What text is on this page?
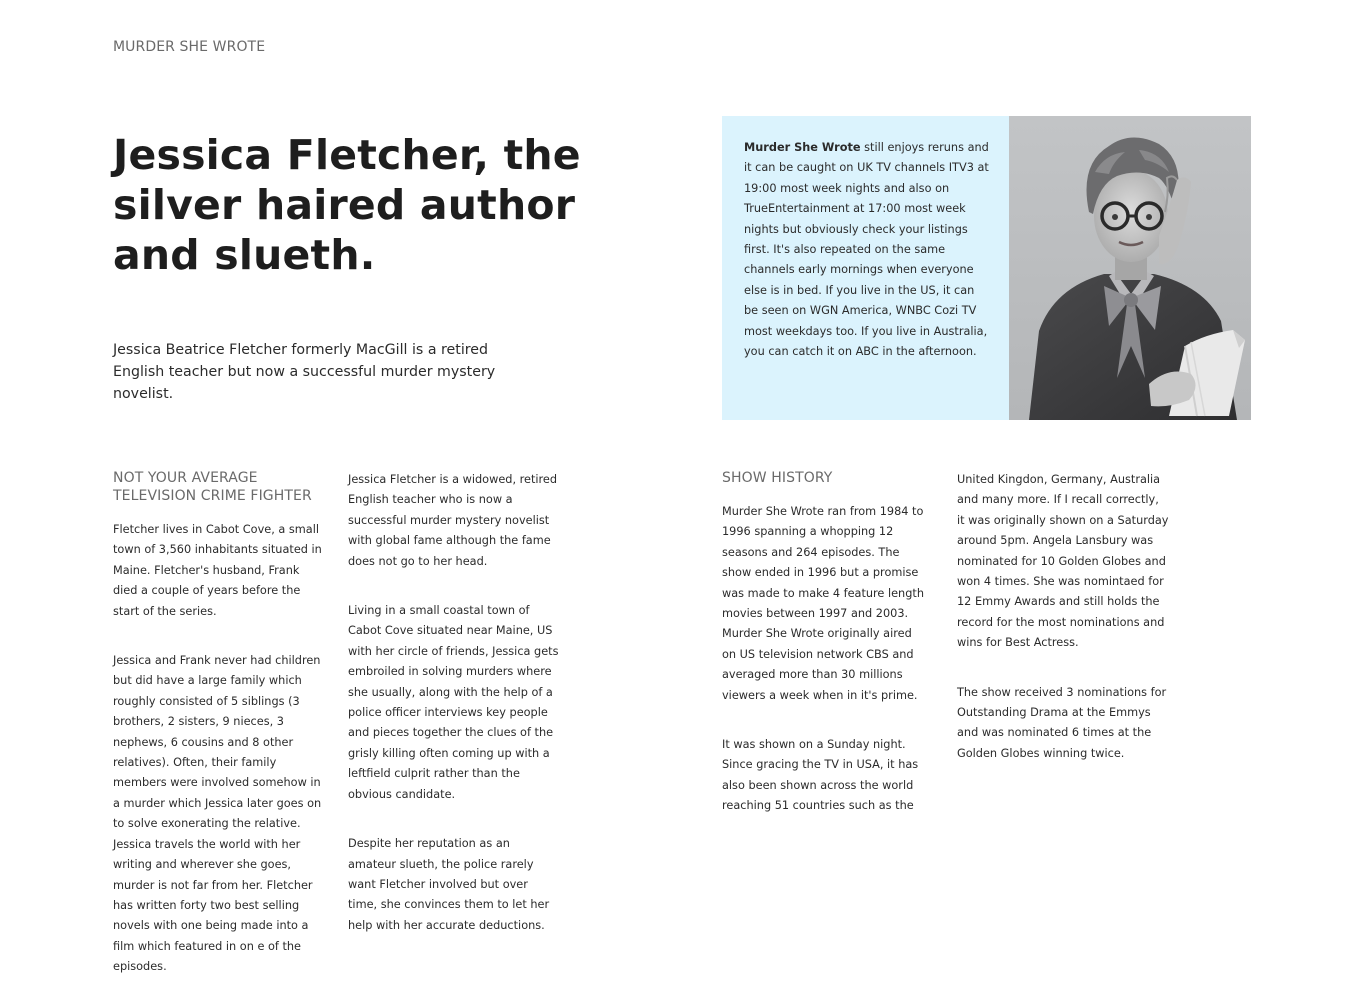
MURDER SHE WROTE
Jessica Fletcher, the silver haired author and slueth.

Jessica Beatrice Fletcher formerly MacGill is a retired English teacher but now a successful murder mystery novelist.

Murder She Wrote still enjoys reruns and it can be caught on UK TV channels ITV3 at 19:00 most week nights and also on TrueEntertainment at 17:00 most week nights but obviously check your listings first. It's also repeated on the same channels early mornings when everyone else is in bed. If you live in the US, it can be seen on WGN America, WNBC Cozi TV most weekdays too. If you live in Australia, you can catch it on ABC in the afternoon.

NOT YOUR AVERAGE TELEVISION CRIME FIGHTER

Fletcher lives in Cabot Cove, a small town of 3,560 inhabitants situated in Maine. Fletcher's husband, Frank died a couple of years before the start of the series.

Jessica and Frank never had children but did have a large family which roughly consisted of 5 siblings (3 brothers, 2 sisters, 9 nieces, 3 nephews, 6 cousins and 8 other relatives). Often, their family members were involved somehow in a murder which Jessica later goes on to solve exonerating the relative. Jessica travels the world with her writing and wherever she goes, murder is not far from her. Fletcher has written forty two best selling novels with one being made into a film which featured in on e of the episodes.

Jessica Fletcher is a widowed, retired English teacher who is now a successful murder mystery novelist with global fame although the fame does not go to her head.

Living in a small coastal town of Cabot Cove situated near Maine, US with her circle of friends, Jessica gets embroiled in solving murders where she usually, along with the help of a police officer interviews key people and pieces together the clues of the grisly killing often coming up with a leftfield culprit rather than the obvious candidate.

Despite her reputation as an amateur slueth, the police rarely want Fletcher involved but over time, she convinces them to let her help with her accurate deductions.

SHOW HISTORY

Murder She Wrote ran from 1984 to 1996 spanning a whopping 12 seasons and 264 episodes. The show ended in 1996 but a promise was made to make 4 feature length movies between 1997 and 2003. Murder She Wrote originally aired on US television network CBS and averaged more than 30 millions viewers a week when in it's prime.

It was shown on a Sunday night. Since gracing the TV in USA, it has also been shown across the world reaching 51 countries such as the

United Kingdon, Germany, Australia and many more. If I recall correctly, it was originally shown on a Saturday around 5pm. Angela Lansbury was nominated for 10 Golden Globes and won 4 times. She was nomintaed for 12 Emmy Awards and still holds the record for the most nominations and wins for Best Actress.

The show received 3 nominations for Outstanding Drama at the Emmys and was nominated 6 times at the Golden Globes winning twice.
